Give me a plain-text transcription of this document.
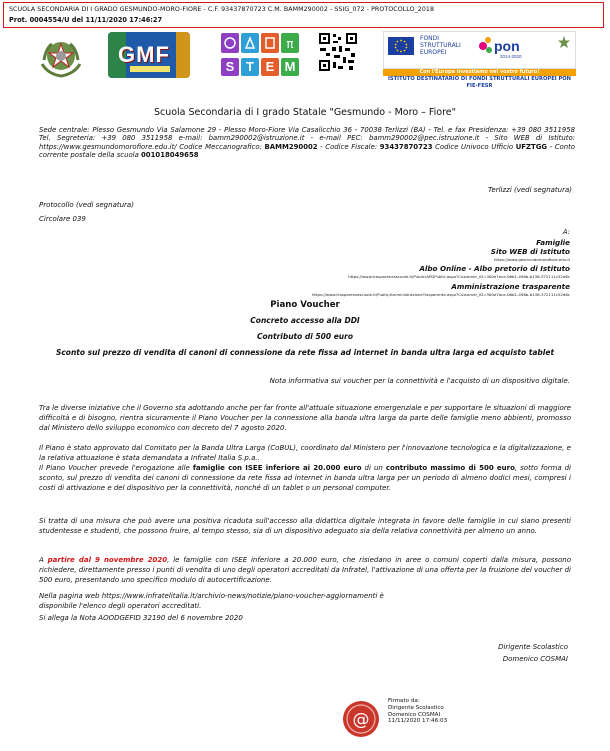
SCUOLA SECONDARIA DI I GRADO GESMUNDO-MORO-FIORE - C.F. 93437870723 C.M. BAMM290002 - SSIG_072 - PROTOCOLLO_2018
Prot. 0004554/U del 11/11/2020 17:46:27
GMF	π
S T E M
FONDI
STRUTTURALI
EUROPEI	pon
2014-2020
Con l'Europa investiamo nel vostro futuro!
ISTITUTO DESTINATARIO DI FONDI STRUTTURALI EUROPEI PON FIE-FESR
Scuola Secondaria di I grado Statale "Gesmundo - Moro – Fiore"
Sede centrale: Plesso Gesmundo Via Salamone 29 - Plesso Moro-Fiore Via Casalicchio 36 - 70038 Terlizzi (BA) - Tel. e fax Presidenza: +39 080 3511958 Tel. Segreteria: +39 080 3511958 e-mail: bamm290002@istruzione.it - e-mail PEC: bamm290002@pec.istruzione.it - Sito WEB di Istituto: https://www.gesmundomorofiore.edu.it/ Codice Meccanografico: BAMM290002 - Codice Fiscale: 93437870723 Codice Univoco Ufficio UFZTGG - Conto corrente postale della scuola 001018049658
Terlizzi (vedi segnatura)
Protocollo (vedi segnatura)
Circolare 039
A:
Famiglie
Sito WEB di Istituto
https://www.gesmundomorofiore.edu.it
Albo Online - Albo pretorio di Istituto
https://www.trasparenzascuole.it/Public/APDPublic.aspx?Customer_ID=300e7ace-06b1-496b-b136-372111c52d6c
Amministrazione trasparente
https://www.trasparenzascuole.it/Public/AmministrazioneTrasparente.aspx?Customer_ID=300e7ace-06b1-496b-b136-372111c52d6c
Piano Voucher
Concreto accesso alla DDI
Contributo di 500 euro
Sconto sul prezzo di vendita di canoni di connessione da rete fissa ad internet in banda ultra larga ed acquisto tablet
Nota informativa sui voucher per la connettività e l'acquisto di un dispositivo digitale.
Tra le diverse iniziative che il Governo sta adottando anche per far fronte all'attuale situazione emergenziale e per supportare le situazioni di maggiore difficoltà e di bisogno, rientra sicuramente il Piano Voucher per la connessione alla banda ultra larga da parte delle famiglie meno abbienti, promosso dal Ministero dello sviluppo economico con decreto del 7 agosto 2020.
Il Piano è stato approvato dal Comitato per la Banda Ultra Larga (CoBUL), coordinato dal Ministero per l'innovazione tecnologica e la digitalizzazione, e la relativa attuazione è stata demandata a Infratel Italia S.p.a..
Il Piano Voucher prevede l'erogazione alle famiglie con ISEE inferiore ai 20.000 euro di un contributo massimo di 500 euro, sotto forma di sconto, sul prezzo di vendita dei canoni di connessione da rete fissa ad internet in banda ultra larga per un periodo di almeno dodici mesi, compresi i costi di attivazione e del dispositivo per la connettività, nonché di un tablet o un personal computer.
Si tratta di una misura che può avere una positiva ricaduta sull'accesso alla didattica digitale integrata in favore delle famiglie in cui siano presenti studentesse e studenti, che possono fruire, al tempo stesso, sia di un dispositivo adeguato sia della relativa connettività per almeno un anno.
A partire dal 9 novembre 2020, le famiglie con ISEE inferiore a 20.000 euro, che risiedano in aree o comuni coperti dalla misura, possono richiedere, direttamente presso i punti di vendita di uno degli operatori accreditati da Infratel, l'attivazione di una offerta per la fruizione del voucher di 500 euro, presentando uno specifico modulo di autocertificazione.
Nella pagina web https://www.infratelitalia.it/archivio-news/notizie/piano-voucher-aggiornamenti è disponibile l'elenco degli operatori accreditati.
Si allega la Nota AOODGEFID 32190 del 6 novembre 2020
Dirigente Scolastico
Domenico COSMAI
@
Firmato da:
Dirigente Scolastico
Domenico COSMAI
11/11/2020 17:46:03
